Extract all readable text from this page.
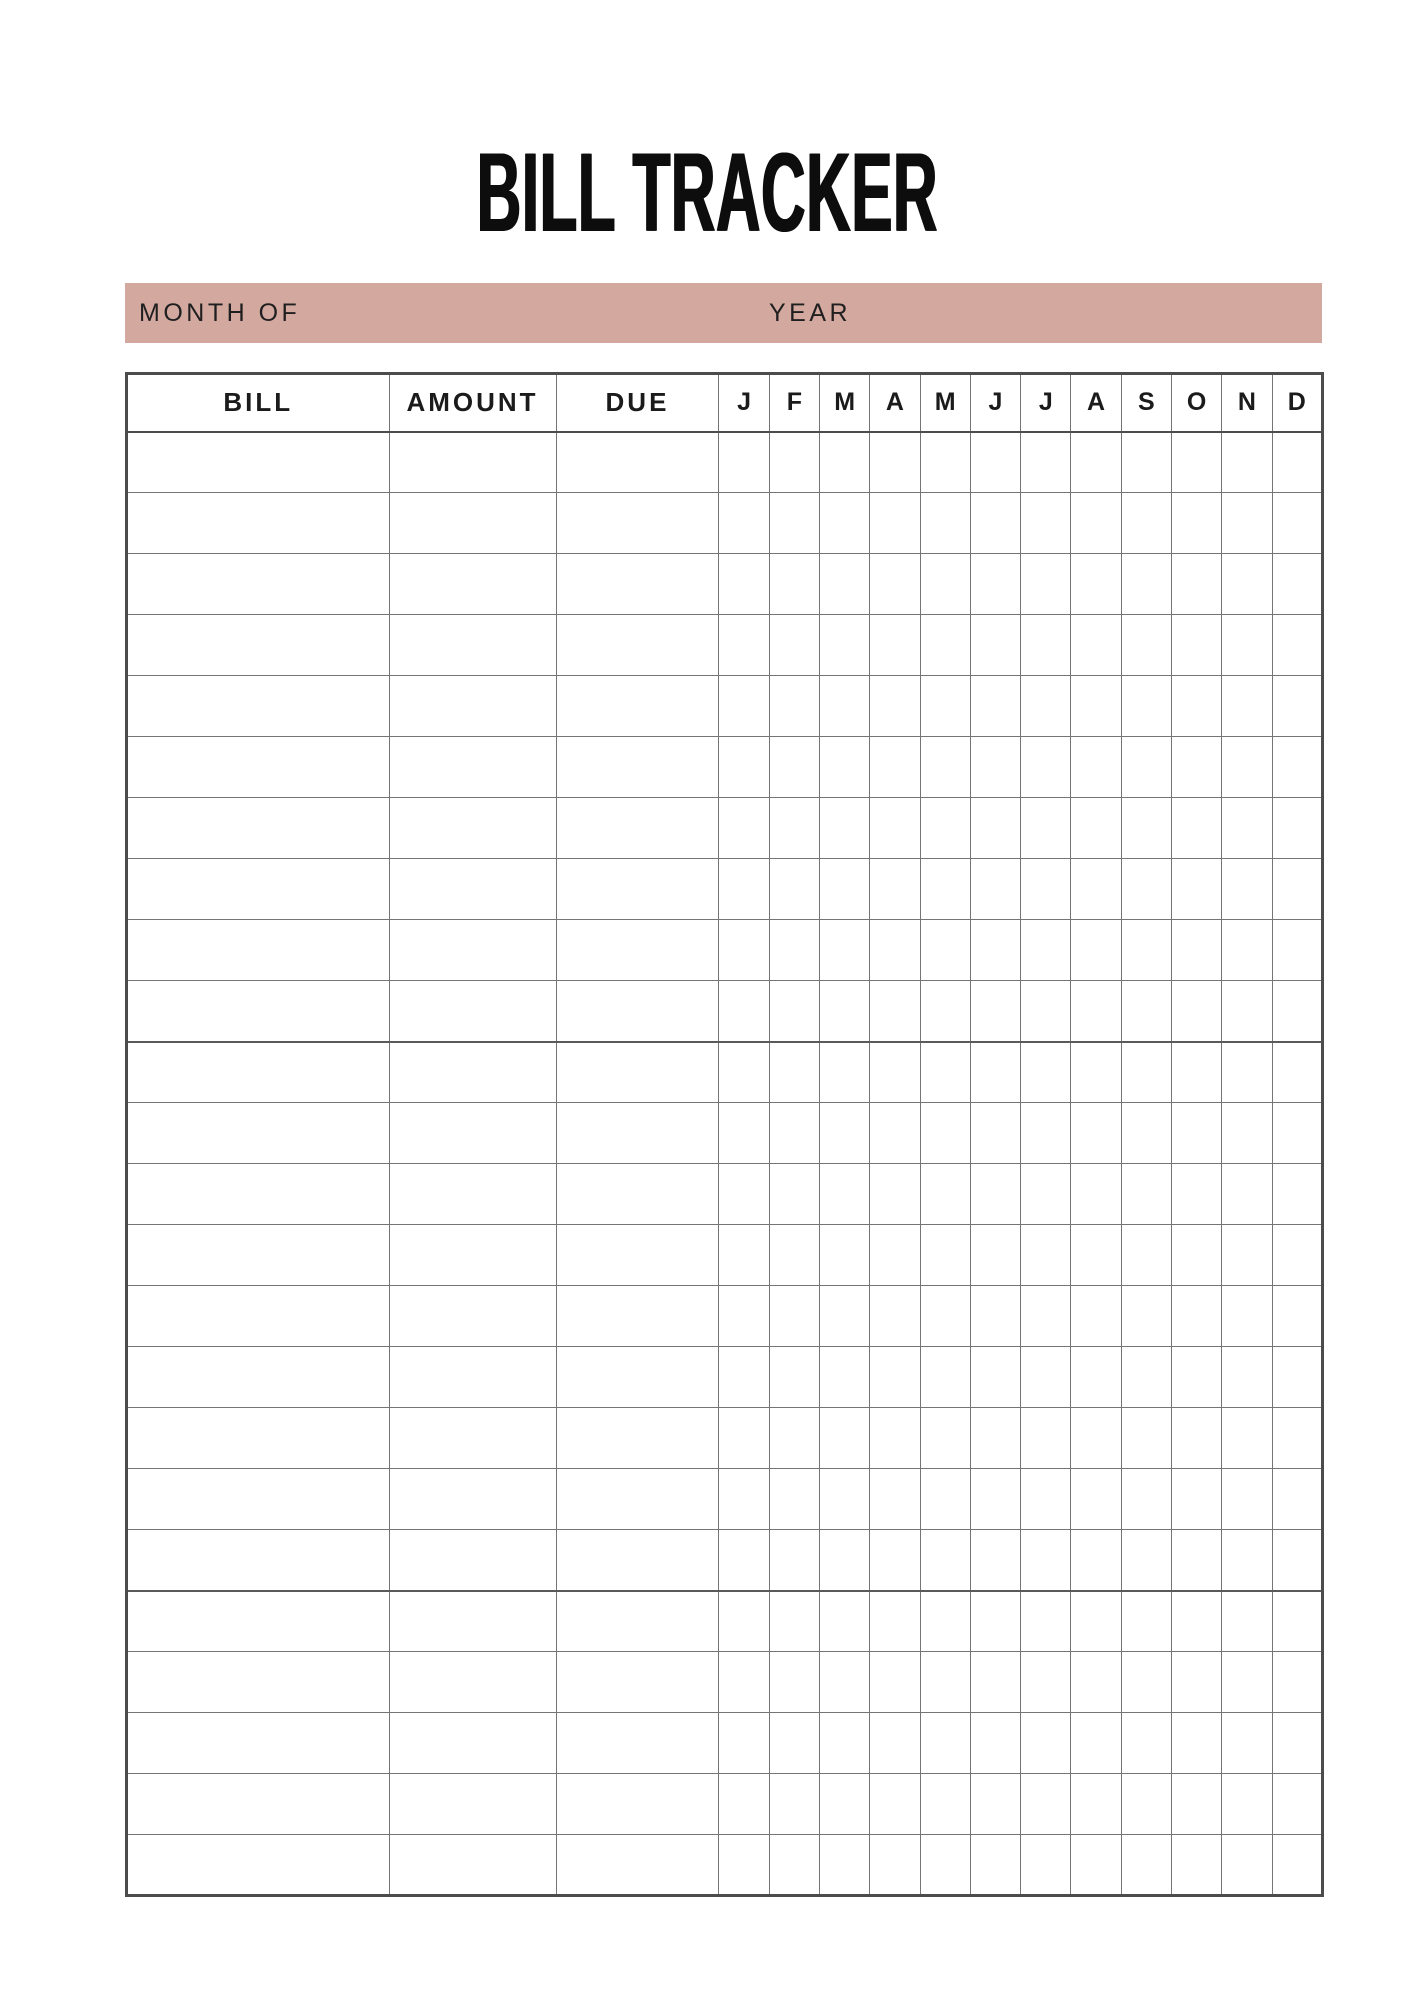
BILL TRACKER
MONTH OF	YEAR
BILL	AMOUNT	DUE	J	F	M	A	M	J	J	A	S	O	N	D
